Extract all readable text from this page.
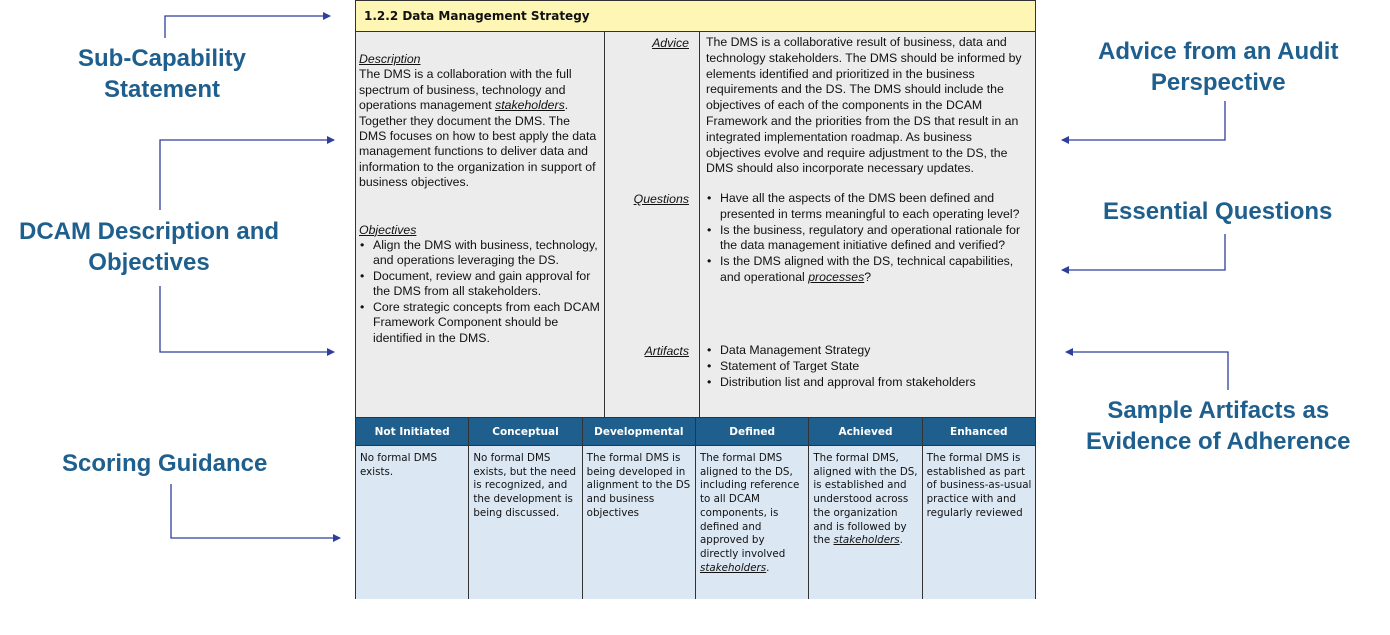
Sub-Capability
Statement
DCAM Description and
Objectives
Scoring Guidance
Advice from an Audit
Perspective
Essential Questions
Sample Artifacts as
Evidence of Adherence
1.2.2 Data Management Strategy
Description
The DMS is a collaboration with the full spectrum of business, technology and operations management stakeholders. Together they document the DMS. The DMS focuses on how to best apply the data management functions to deliver data and information to the organization in support of business objectives.
Objectives
• Align the DMS with business, technology, and operations leveraging the DS.
• Document, review and gain approval for the DMS from all stakeholders.
• Core strategic concepts from each DCAM Framework Component should be identified in the DMS.
Advice The DMS is a collaborative result of business, data and technology stakeholders. The DMS should be informed by elements identified and prioritized in the business requirements and the DS. The DMS should include the objectives of each of the components in the DCAM Framework and the priorities from the DS that result in an integrated implementation roadmap. As business objectives evolve and require adjustment to the DS, the DMS should also incorporate necessary updates.
Questions	• Have all the aspects of the DMS been defined and presented in terms meaningful to each operating level?
• Is the business, regulatory and operational rationale for the data management initiative defined and verified?
• Is the DMS aligned with the DS, technical capabilities, and operational processes?
Artifacts	• Data Management Strategy
• Statement of Target State
• Distribution list and approval from stakeholders
Not Initiated
No formal DMS exists.
Conceptual
No formal DMS exists, but the need is recognized, and the development is being discussed.
Developmental
The formal DMS is being developed in alignment to the DS and business objectives
Defined
The formal DMS aligned to the DS, including reference to all DCAM components, is defined and approved by directly involved stakeholders.
Achieved
The formal DMS, aligned with the DS, is established and understood across the organization and is followed by the stakeholders.
Enhanced
The formal DMS is established as part of business-as-usual practice with and regularly reviewed
